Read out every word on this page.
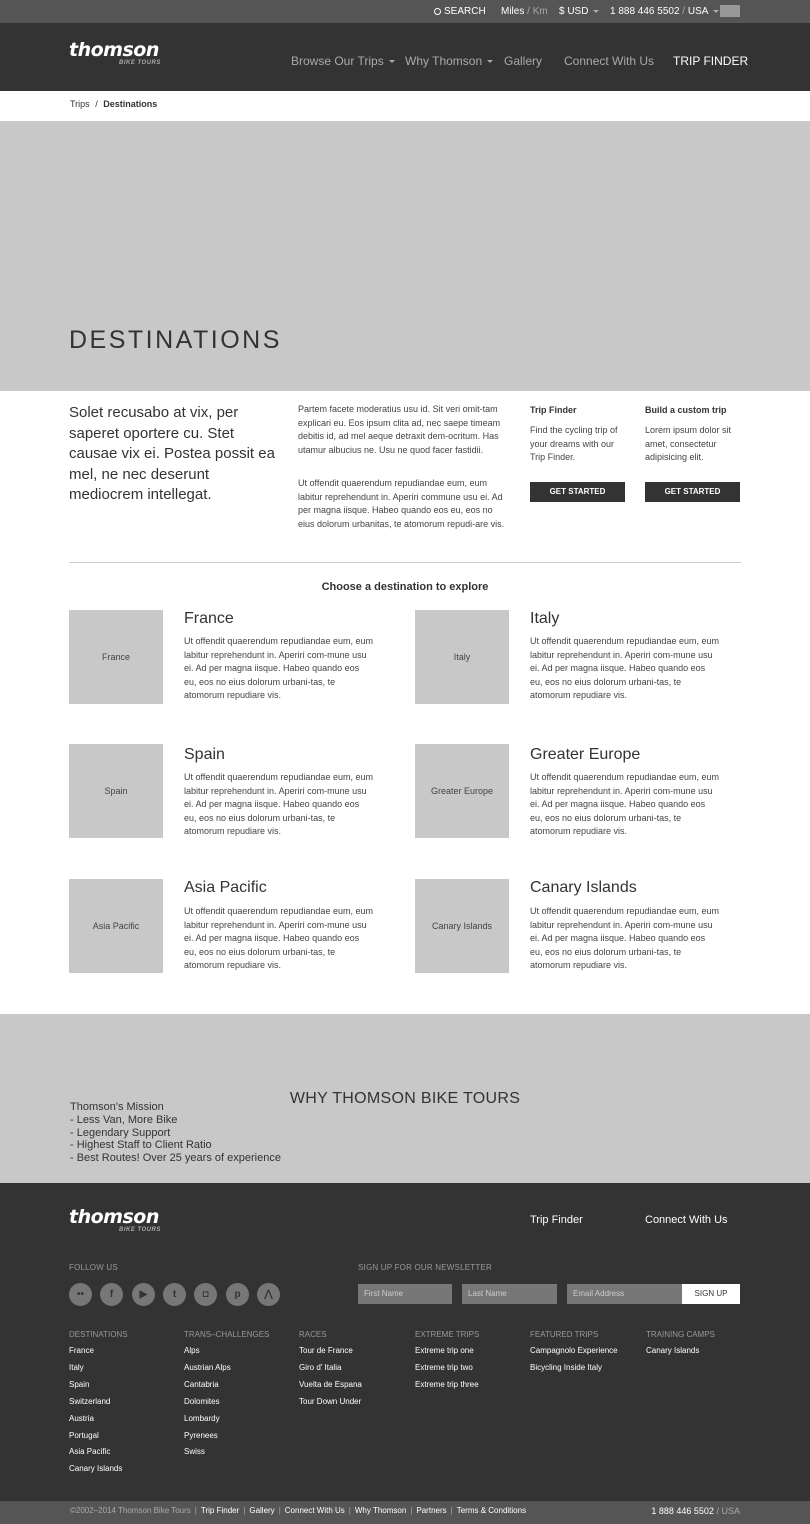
SEARCH Miles / Km $ USD	1 888 446 5502 / USA
thomson
BIKE TOURS	Browse Our Trips	Why Thomson	Gallery Connect With Us TRIP FINDER
Trips / Destinations
DESTINATIONS
Solet recusabo at vix, per saperet oportere cu. Stet causae vix ei. Postea possit ea mel, ne nec deserunt mediocrem intellegat.
Partem facete moderatius usu id. Sit veri omit-tam explicari eu. Eos ipsum clita ad, nec saepe timeam debitis id, ad mel aeque detraxit dem-ocritum. Has utamur albucius ne. Usu ne quod facer fastidii.
Ut offendit quaerendum repudiandae eum, eum labitur reprehendunt in. Aperiri commune usu ei. Ad per magna iisque. Habeo quando eos eu, eos no eius dolorum urbanitas, te atomorum repudi-are vis.
Trip Finder
Find the cycling trip of your dreams with our Trip Finder.
GET STARTED
Build a custom trip
Lorem ipsum dolor sit amet, consectetur adipisicing elit.
GET STARTED
Choose a destination to explore
France
France
Ut offendit quaerendum repudiandae eum, eum labitur reprehendunt in. Aperiri com-mune usu ei. Ad per magna iisque. Habeo quando eos eu, eos no eius dolorum urbani-tas, te atomorum repudiare vis.
Italy
Italy
Ut offendit quaerendum repudiandae eum, eum labitur reprehendunt in. Aperiri com-mune usu ei. Ad per magna iisque. Habeo quando eos eu, eos no eius dolorum urbani-tas, te atomorum repudiare vis.
Spain
Spain
Ut offendit quaerendum repudiandae eum, eum labitur reprehendunt in. Aperiri com-mune usu ei. Ad per magna iisque. Habeo quando eos eu, eos no eius dolorum urbani-tas, te atomorum repudiare vis.
Greater Europe
Greater Europe
Ut offendit quaerendum repudiandae eum, eum labitur reprehendunt in. Aperiri com-mune usu ei. Ad per magna iisque. Habeo quando eos eu, eos no eius dolorum urbani-tas, te atomorum repudiare vis.
Asia Pacific
Asia Pacific
Ut offendit quaerendum repudiandae eum, eum labitur reprehendunt in. Aperiri com-mune usu ei. Ad per magna iisque. Habeo quando eos eu, eos no eius dolorum urbani-tas, te atomorum repudiare vis.
Canary Islands
Canary Islands
Ut offendit quaerendum repudiandae eum, eum labitur reprehendunt in. Aperiri com-mune usu ei. Ad per magna iisque. Habeo quando eos eu, eos no eius dolorum urbani-tas, te atomorum repudiare vis.
WHY THOMSON BIKE TOURS
Thomson's Mission
- Less Van, More Bike
- Legendary Support
- Highest Staff to Client Ratio
- Best Routes! Over 25 years of experience
thomson
BIKE TOURS
Trip Finder	Connect With Us
FOLLOW US	SIGN UP FOR OUR NEWSLETTER
••	f	▶	t	◘	p	⋀	First Name	Last Name	Email Address	SIGN UP
DESTINATIONS
France
Italy
Spain
Switzerland
Austria
Portugal
Asia Pacific
Canary Islands
TRANS–CHALLENGES
Alps
Austrian Alps
Cantabria
Dolomites
Lombardy
Pyrenees
Swiss
RACES
Tour de France
Giro d' Italia
Vuelta de Espana
Tour Down Under
EXTREME TRIPS
Extreme trip one
Extreme trip two
Extreme trip three
FEATURED TRIPS
Campagnolo Experience
Bicycling Inside Italy
TRAINING CAMPS
Canary Islands
©2002–2014 Thomson Bike Tours | Trip Finder | Gallery | Connect With Us | Why Thomson | Partners | Terms & Conditions	1 888 446 5502 / USA
